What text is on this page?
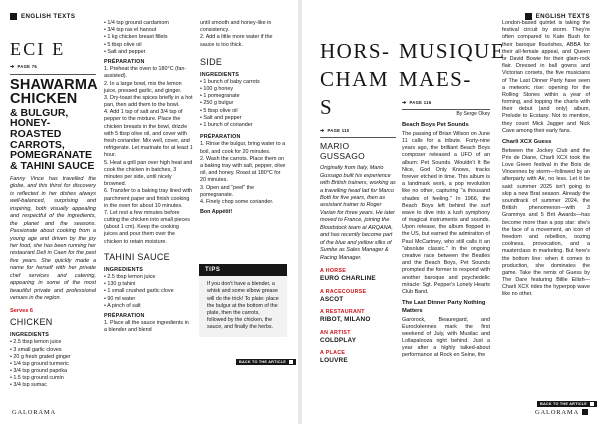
ENGLISH TEXTS
ECI E
➔ PAGE 76
SHAWARMA CHICKEN
& BULGUR, HONEY-ROASTED CARROTS, POMEGRANATE & TAHINI SAUCE
Fanny Vince has travelled the globe, and this thirst for discovery is reflected in her dishes always well-balanced, surprising and inspiring, both visually appealing and respectful of the ingredients, the planet and the seasons. Passionate about cooking from a young age and driven by the joy her food, she has been running her restaurant Deli in Caen for the past five years. She quickly made a name for herself with her private chef services and catering, appearing in some of the most beautiful private and professional venues in the region.
Serves 6
CHICKEN
INGREDIENTS
• 2.5 tbsp lemon juice
• 3 small garlic cloves
• 20 g fresh grated ginger
• 1/4 tsp ground turmeric
• 3/4 tsp ground paprika
• 1.5 tsp ground cumin
• 3/4 tsp sumac
• 1/4 tsp ground cardamom
• 3/4 tsp ras el hanout
• 1 kg chicken breast fillets
• 5 tbsp olive oil
• Salt and pepper
PRÉPARATION
1. Preheat the oven to 180°C (fan-assisted).
2. In a large bowl, mix the lemon juice, pressed garlic, and ginger.
3. Dry-toast the spices briefly in a hot pan, then add them to the bowl.
4. Add 1 tsp of salt and 3/4 tsp of pepper to the mixture. Place the chicken breasts in the bowl, drizzle with 5 tbsp olive oil, and cover with fresh coriander. Mix well, cover, and refrigerate. Let marinate for at least 1 hour.
5. Heat a grill pan over high heat and cook the chicken in batches, 3 minutes per side, until nicely browned.
6. Transfer to a baking tray lined with parchment paper and finish cooking in the oven for about 10 minutes.
7. Let rest a few minutes before cutting the chicken into small pieces (about 1 cm). Keep the cooking juices and pour them over the chicken to retain moisture.
TAHINI SAUCE
INGREDIENTS
• 2.5 tbsp lemon juice
• 130 g tahini
• 1 small crushed garlic clove
• 90 ml water
• A pinch of salt
PRÉPARATION
1. Place all the sauce ingredients in a blender and blend
until smooth and honey-like in consistency.
2. Add a little more water if the sauce is too thick.
SIDE
INGREDIENTS
• 1 bunch of baby carrots
• 100 g honey
• 1 pomegranate
• 250 g bulgur
• 5 tbsp olive oil
• Salt and pepper
• 1 bunch of coriander
PRÉPARATION
1. Rinse the bulgur, bring water to a boil, and cook for 20 minutes.
2. Wash the carrots. Place them on a baking tray with salt, pepper, olive oil, and honey. Roast at 180°C for 20 minutes.
3. Open and "peel" the pomegranate.
4. Finely chop some coriander.
Bon Appétit!
TIPS
If you don't have a blender, a whisk and some elbow grease will do the trick! To plate: place the bulgur at the bottom of the plate, then the carrots, followed by the chicken, the sauce, and finally the herbs.
BACK TO THE ARTICLE
GALORAMA
ENGLISH TEXTS
HORS- CHAM S
➔ PAGE 110
MARIO GUSSAGO
Originally from Italy, Mario Gussago built his experience with British trainers, working as a travelling head lad for Marco Botti for five years, then as assistant trainer to Roger Varian for three years. He later moved to France, joining the Bloodstock team at ARQANA, and has recently become part of the blue and yellow silks of Sumbe as Sales Manager & Racing Manager.
A HORSE
EURO CHARLINE
A RACECOURSE
ASCOT
A RESTAURANT
RIBOT, MILANO
AN ARTIST
COLDPLAY
A PLACE
LOUVRE
MUSIQUE MAES-
➔ PAGE 116
By Serge Okey
Beach Boys Pet Sounds
The passing of Brian Wilson on June 11 calls for a tribute. Forty-nine years ago, the brilliant Beach Boys composer released a UFO of an album: Pet Sounds. Wouldn't It Be Nice, God Only Knows, tracks forever etched in time. This album is a landmark work, a pop revolution like no other, capturing "a thousand shades of feeling." In 1966, the Beach Boys left behind the surf wave to dive into a lush symphony of magical instruments and sounds. Upon release, the album flopped in the US, but earned the admiration of Paul McCartney, who still calls it an "absolute classic." In the ongoing creative race between the Beatles and the Beach Boys, Pet Sounds prompted the former to respond with another baroque and psychedelic miracle: Sgt. Pepper's Lonely Hearts Club Band.
The Last Dinner Party Nothing Matters
Garorock, Beauregard, and Eurockéennes mark the first weekend of July, with Musilac and Lollapalooza right behind. Just a year after a highly talked-about performance at Rock en Seine, the
London-based quintet is taking the festival circuit by storm. They're often compared to Kate Bush for their baroque flourishes, ABBA for their all-female appeal, and Queen or David Bowie for their glam-rock flair. Dressed in ball gowns and Victorian corsets, the five musicians of The Last Dinner Party have seen a meteoric rise: opening for the Rolling Stones within a year of forming, and topping the charts with their debut (and only) album, Prelude to Ecstasy. Not to mention, they count Mick Jagger and Nick Cave among their early fans.
Charli XCX Guess
Between the Jockey Club and the Prix de Diane, Charli XCX took the Love Green festival in the Bois de Vincennes by storm—followed by an afterparty with Air, no less. Let it be said: summer 2025 isn't going to skip a new Brat season. Already the soundtrack of summer 2024, the British phenomenon—with 3 Grammys and 5 Brit Awards—has become more than a pop star: she's the face of a movement, an icon of freedom and rebellion, oozing coolness, provocation, and a masterclass in marketing. But here's the bottom line: when it comes to production, she dominates the game. Take the remix of Guess by The Dare featuring Billie Eilish—Charli XCX rides the hyperpop wave like no other.
BACK TO THE ARTICLE
GALORAMA
